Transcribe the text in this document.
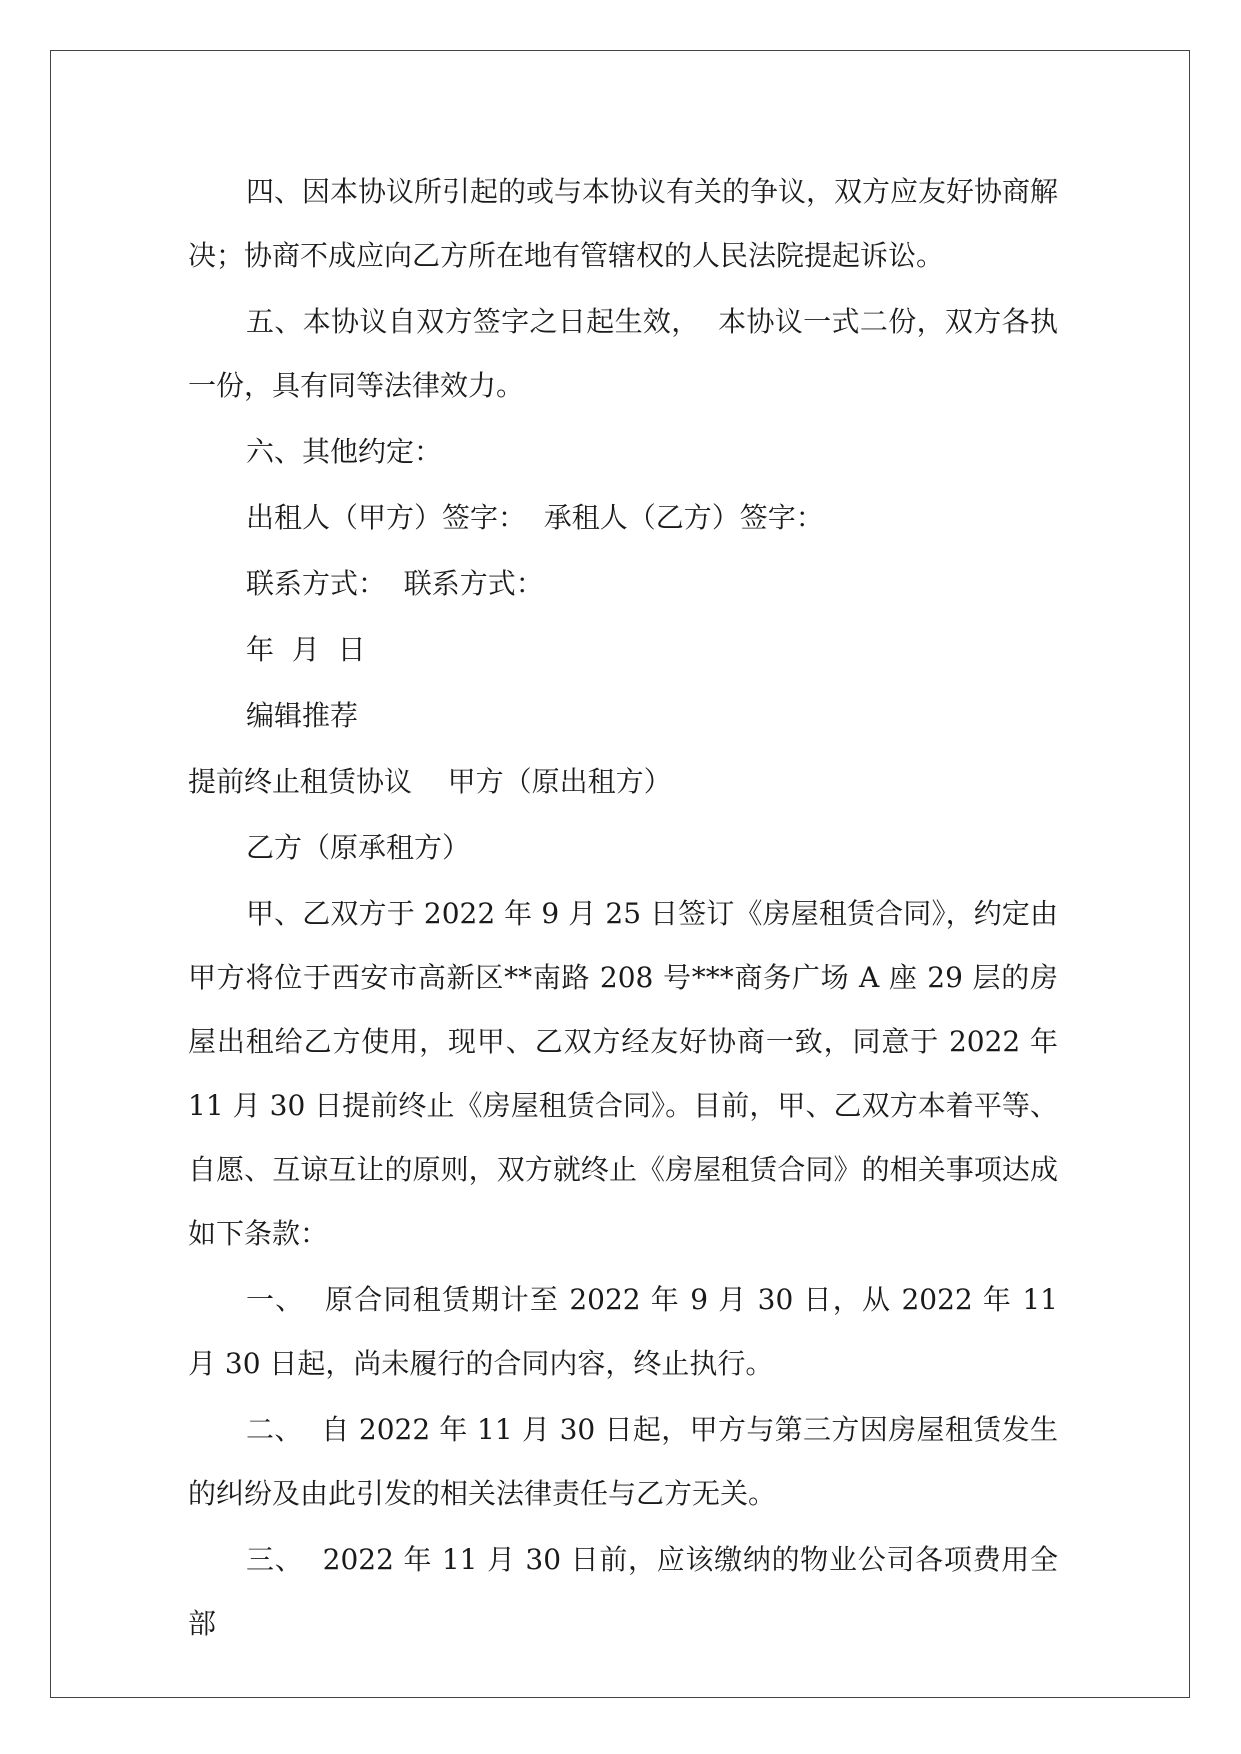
四、因本协议所引起的或与本协议有关的争议，双方应友好协商解决；协商不成应向乙方所在地有管辖权的人民法院提起诉讼。

五、本协议自双方签字之日起生效，  本协议一式二份，双方各执一份，具有同等法律效力。

六、其他约定：

出租人（甲方）签字：  承租人（乙方）签字：

联系方式：  联系方式：

年  月  日

编辑推荐

提前终止租赁协议    甲方（原出租方）

乙方（原承租方）

甲、乙双方于 2022 年 9 月 25 日签订《房屋租赁合同》，约定由甲方将位于西安市高新区**南路 208 号***商务广场 A 座 29 层的房屋出租给乙方使用，现甲、乙双方经友好协商一致，同意于 2022 年 11 月 30 日提前终止《房屋租赁合同》。目前，甲、乙双方本着平等、自愿、互谅互让的原则，双方就终止《房屋租赁合同》的相关事项达成如下条款：

一、  原合同租赁期计至 2022 年 9 月 30 日，从 2022 年 11 月 30 日起，尚未履行的合同内容，终止执行。

二、  自 2022 年 11 月 30 日起，甲方与第三方因房屋租赁发生的纠纷及由此引发的相关法律责任与乙方无关。

三、  2022 年 11 月 30 日前，应该缴纳的物业公司各项费用全部
